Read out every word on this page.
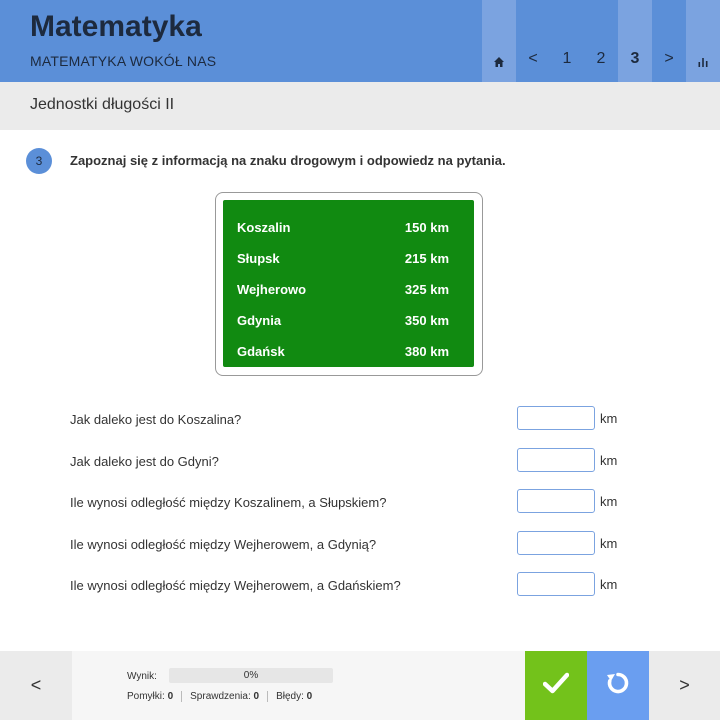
Matematyka
MATEMATYKA WOKÓŁ NAS	<	1	2	3	>
Jednostki długości II
3	Zapoznaj się z informacją na znaku drogowym i odpowiedz na pytania.
Koszalin	150 km
Słupsk	215 km
Wejherowo	325 km
Gdynia	350 km
Gdańsk	380 km
Jak daleko jest do Koszalina?	km
Jak daleko jest do Gdyni?	km
Ile wynosi odległość między Koszalinem, a Słupskiem?	km
Ile wynosi odległość między Wejherowem, a Gdynią?	km
Ile wynosi odległość między Wejherowem, a Gdańskiem?	km
<	Wynik:	0%
Pomyłki: 0	Sprawdzenia: 0	Błędy: 0
>
